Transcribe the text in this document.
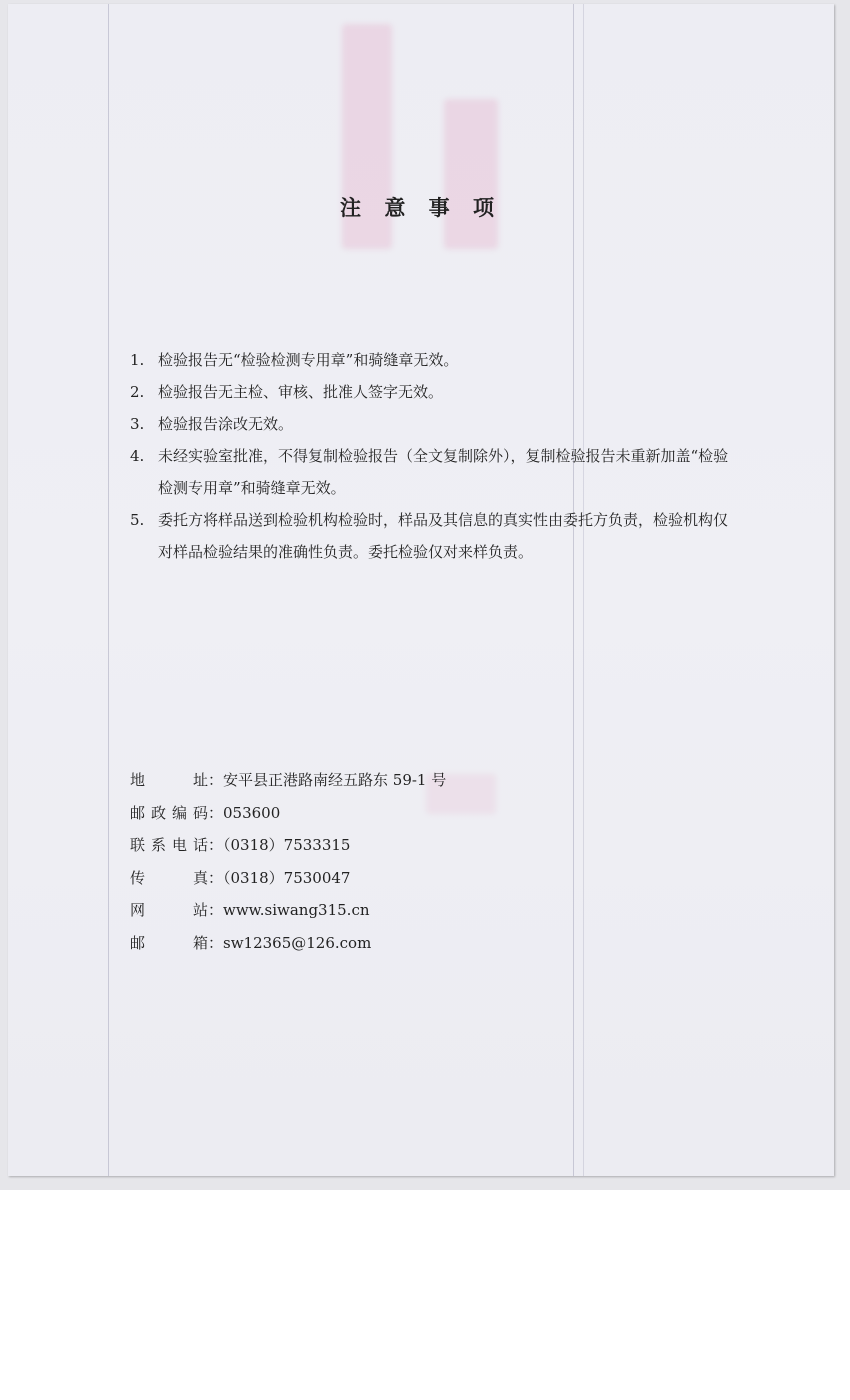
注 意 事 项
1. 检验报告无“检验检测专用章”和骑缝章无效。
2. 检验报告无主检、审核、批准人签字无效。
3. 检验报告涂改无效。
4. 未经实验室批准，不得复制检验报告（全文复制除外），复制检验报告未重新加盖“检验检测专用章”和骑缝章无效。
5. 委托方将样品送到检验机构检验时，样品及其信息的真实性由委托方负责，检验机构仅对样品检验结果的准确性负责。委托检验仅对来样负责。
地址 ：安平县正港路南经五路东 59-1 号
邮政编码 ：053600
联系电话 ：（0318）7533315
传真 ：（0318）7530047
网站 ：www.siwang315.cn
邮箱 ：sw12365@126.com
